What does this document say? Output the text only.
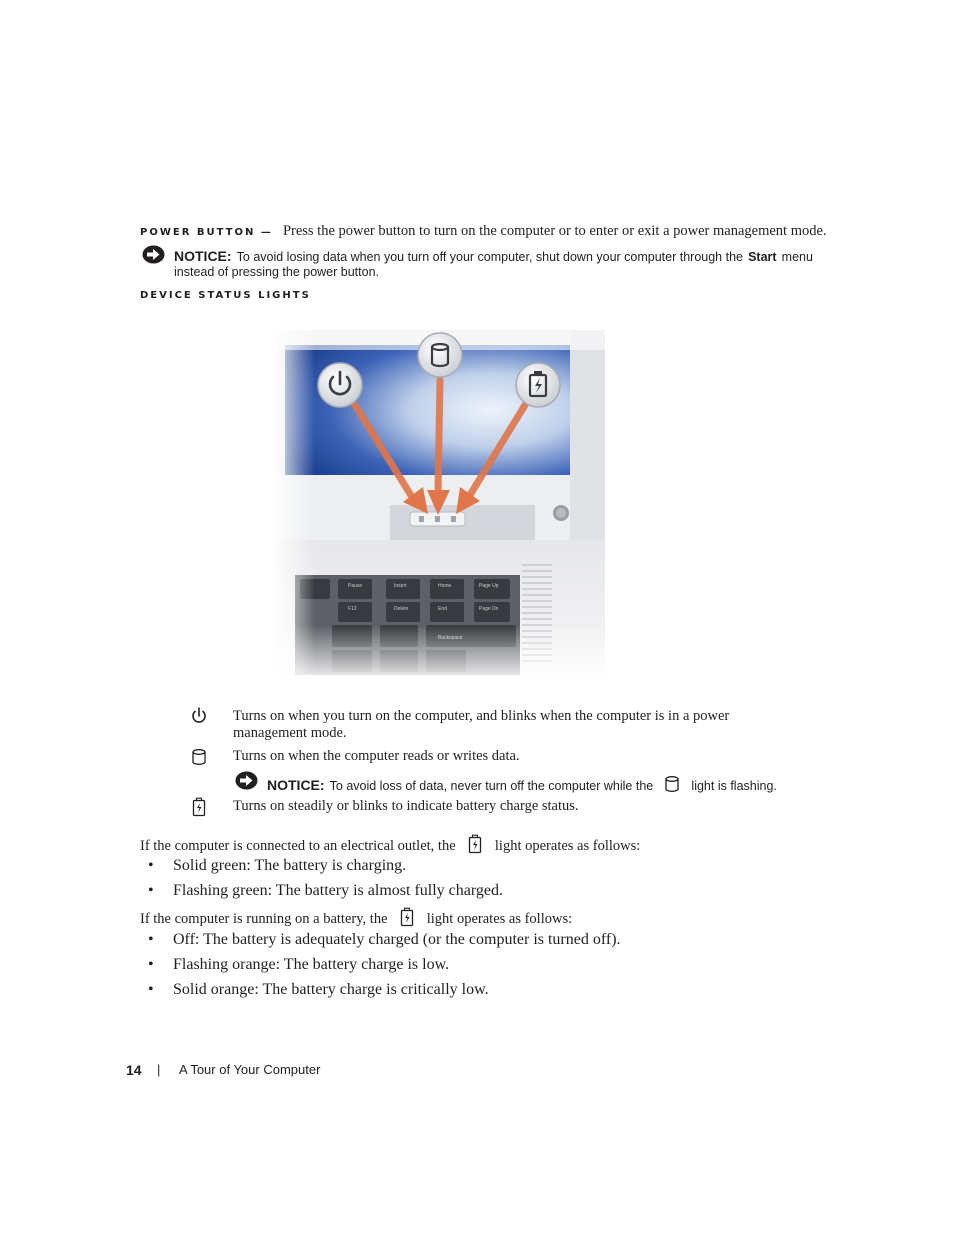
POWER BUTTON — Press the power button to turn on the computer or to enter or exit a power management mode.
NOTICE: To avoid losing data when you turn off your computer, shut down your computer through the Start menu
instead of pressing the power button.
DEVICE STATUS LIGHTS
Pause	Insert	Home	Page Up
Delete	End	Page Dn
F12
Turns on when you turn on the computer, and blinks when the computer is in a power
management mode.
Turns on when the computer reads or writes data.
NOTICE: To avoid loss of data, never turn off the computer while the	light is flashing.
Turns on steadily or blinks to indicate battery charge status.
If the computer is connected to an electrical outlet, the	light operates as follows:
• Solid green: The battery is charging.
• Flashing green: The battery is almost fully charged.
If the computer is running on a battery, the	light operates as follows:
• Off: The battery is adequately charged (or the computer is turned off).
• Flashing orange: The battery charge is low.
• Solid orange: The battery charge is critically low.
14 | A Tour of Your Computer
